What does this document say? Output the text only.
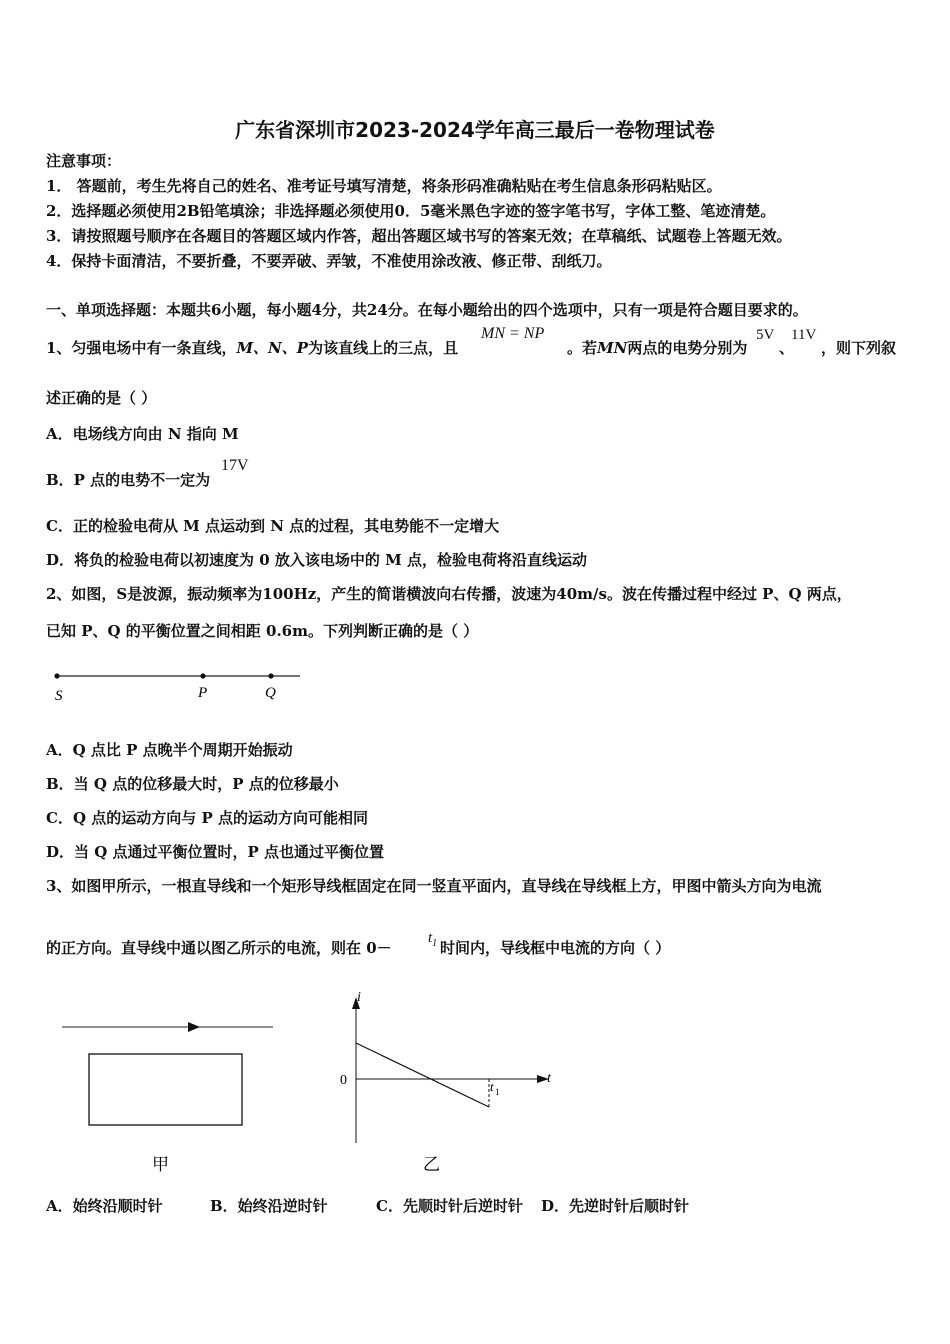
广东省深圳市2023-2024学年高三最后一卷物理试卷
注意事项：
1． 答题前，考生先将自己的姓名、准考证号填写清楚，将条形码准确粘贴在考生信息条形码粘贴区。
2．选择题必须使用2B铅笔填涂；非选择题必须使用0．5毫米黑色字迹的签字笔书写，字体工整、笔迹清楚。
3．请按照题号顺序在各题目的答题区域内作答，超出答题区域书写的答案无效；在草稿纸、试题卷上答题无效。
4．保持卡面清洁，不要折叠，不要弄破、弄皱，不准使用涂改液、修正带、刮纸刀。
一、单项选择题：本题共6小题，每小题4分，共24分。在每小题给出的四个选项中，只有一项是符合题目要求的。
1、匀强电场中有一条直线，M、N、P为该直线上的三点，且
MN = NP
。若MN两点的电势分别为
5V
、
11V
，则下列叙
述正确的是（ ）
A．电场线方向由 N 指向 M
B．P 点的电势不一定为
17V
C．正的检验电荷从 M 点运动到 N 点的过程，其电势能不一定增大
D．将负的检验电荷以初速度为 0 放入该电场中的 M 点，检验电荷将沿直线运动
2、如图，S是波源，振动频率为100Hz，产生的简谐横波向右传播，波速为40m/s。波在传播过程中经过 P、Q 两点，
已知 P、Q 的平衡位置之间相距 0.6m。下列判断正确的是（ ）
S	P	Q
A．Q 点比 P 点晚半个周期开始振动
B．当 Q 点的位移最大时，P 点的位移最小
C．Q 点的运动方向与 P 点的运动方向可能相同
D．当 Q 点通过平衡位置时，P 点也通过平衡位置
3、如图甲所示，一根直导线和一个矩形导线框固定在同一竖直平面内，直导线在导线框上方，甲图中箭头方向为电流
的正方向。直导线中通以图乙所示的电流，则在 0－
$t_1$ 时间内，导线框中电流的方向（ ）
甲
i
t
0	t 1
乙
A．始终沿顺时针	B．始终沿逆时针	C．先顺时针后逆时针 D．先逆时针后顺时针
